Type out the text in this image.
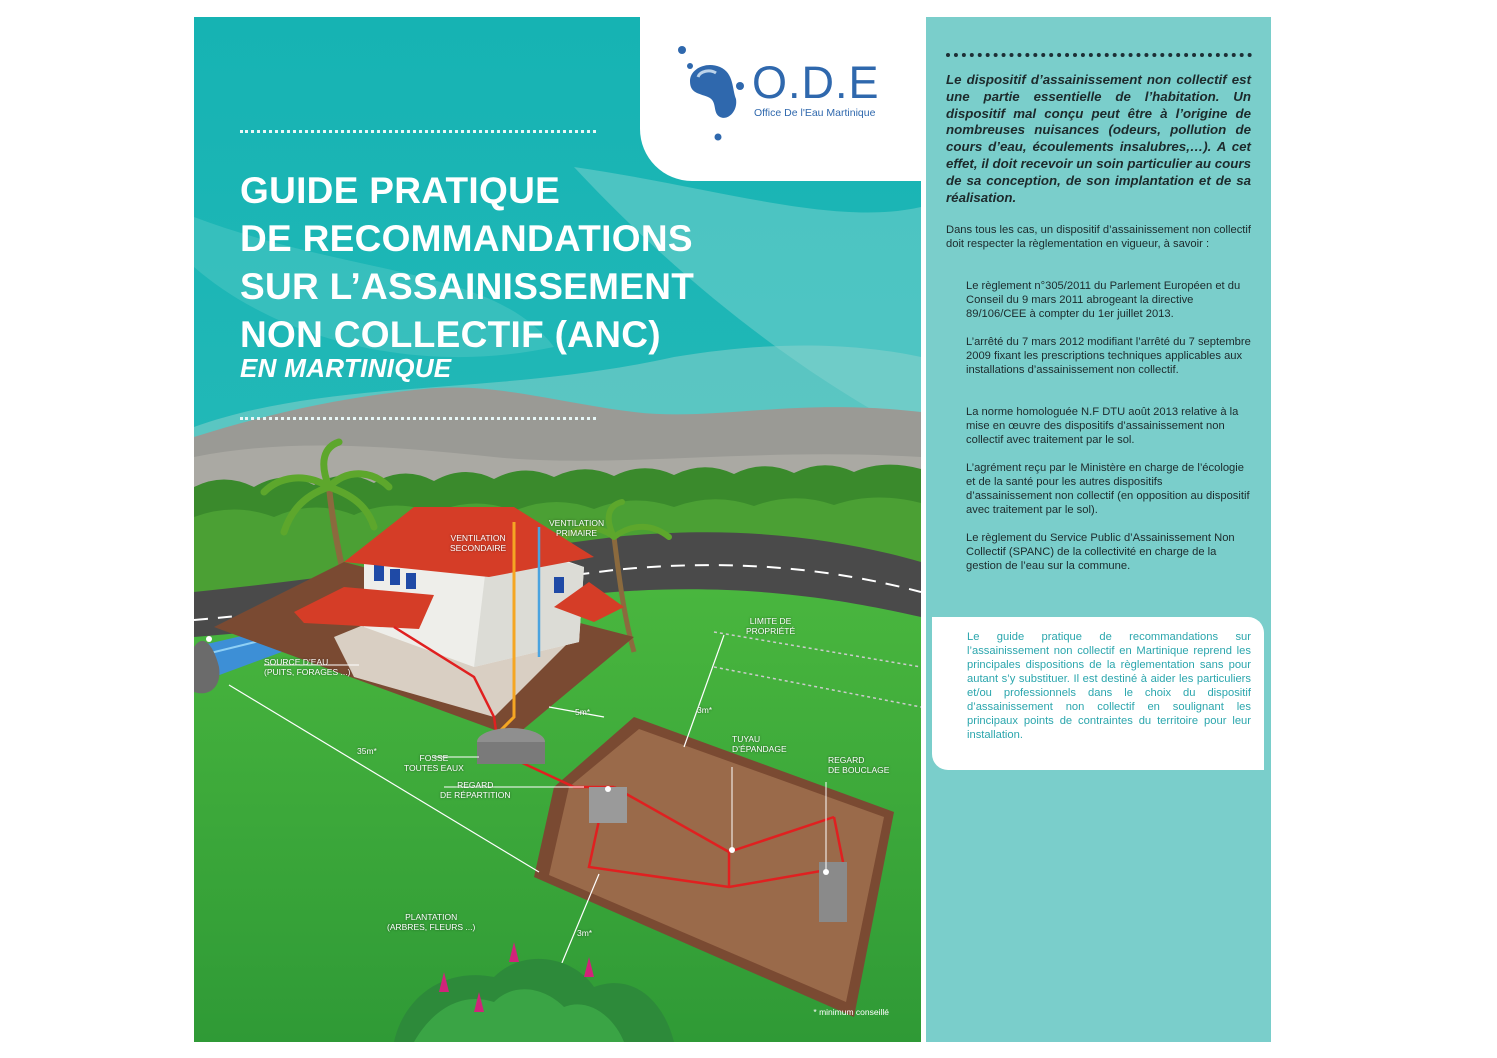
GUIDE PRATIQUE
DE RECOMMANDATIONS
SUR L’ASSAINISSEMENT
NON COLLECTIF (ANC)
EN MARTINIQUE
O.D.E
Office De l'Eau Martinique
VENTILATION
SECONDAIRE
VENTILATION
PRIMAIRE
LIMITE DE
PROPRIÉTÉ
SOURCE D’EAU
(PUITS, FORAGES ...)
FOSSE
TOUTES EAUX
REGARD
DE RÉPARTITION
TUYAU
D’ÉPANDAGE
REGARD
DE BOUCLAGE
PLANTATION
(ARBRES, FLEURS ...)
5m*	3m*
35m*
3m*
* minimum conseillé

Le dispositif d’assainissement non collectif est une partie essentielle de l’habitation. Un dispositif mal conçu peut être à l’origine de nombreuses nuisances (odeurs, pollution de cours d’eau, écoulements insalubres,…). A cet effet, il doit recevoir un soin particulier au cours de sa conception, de son implantation et de sa réalisation.

Dans tous les cas, un dispositif d’assainissement non collectif doit respecter la règlementation en vigueur, à savoir :

Le règlement n°305/2011 du Parlement Européen et du Conseil du 9 mars 2011 abrogeant la directive 89/106/CEE à compter du 1er juillet 2013.

L’arrêté du 7 mars 2012 modifiant l’arrêté du 7 septembre 2009 fixant les prescriptions techniques applicables aux installations d’assainissement non collectif.

La norme homologuée N.F DTU août 2013 relative à la mise en œuvre des dispositifs d’assainissement non collectif avec traitement par le sol.

L’agrément reçu par le Ministère en charge de l’écologie et de la santé pour les autres dispositifs d’assainissement non collectif (en opposition au dispositif avec traitement par le sol).

Le règlement du Service Public d’Assainissement Non Collectif (SPANC) de la collectivité en charge de la gestion de l’eau sur la commune.

Le guide pratique de recommandations sur l’assainissement non collectif en Martinique reprend les principales dispositions de la règlementation sans pour autant s’y substituer. Il est destiné à aider les particuliers et/ou professionnels dans le choix du dispositif d’assainissement non collectif en soulignant les principaux points de contraintes du territoire pour leur installation.
